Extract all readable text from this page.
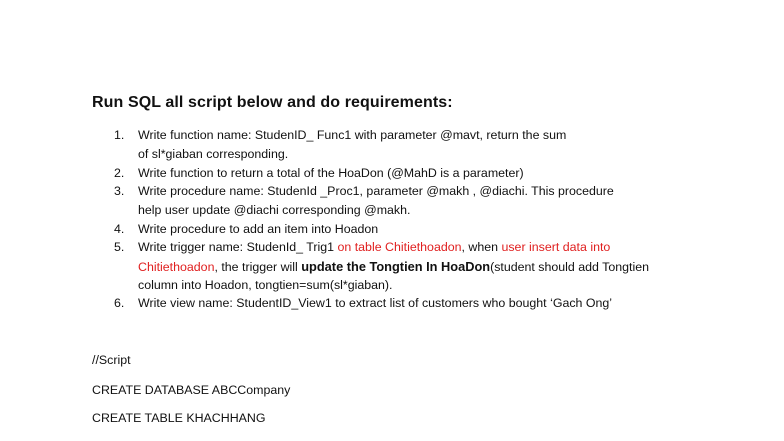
Run SQL all script below and do requirements:
1.	Write function name: StudenID_ Func1 with parameter @mavt, return the sum
of sl*giaban corresponding.
2.	Write function to return a total of the HoaDon (@MahD is a parameter)
3.	Write procedure name: StudenId _Proc1, parameter @makh , @diachi. This procedure
help user update @diachi corresponding @makh.
4.	Write procedure to add an item into Hoadon
5.	Write trigger name: StudenId_ Trig1 on table Chitiethoadon, when user insert data into
Chitiethoadon, the trigger will update the Tongtien In HoaDon(student should add Tongtien
column into Hoadon, tongtien=sum(sl*giaban).
6.	Write view name: StudentID_View1 to extract list of customers who bought ‘Gach Ong’
//Script
CREATE DATABASE ABCCompany
CREATE TABLE KHACHHANG
